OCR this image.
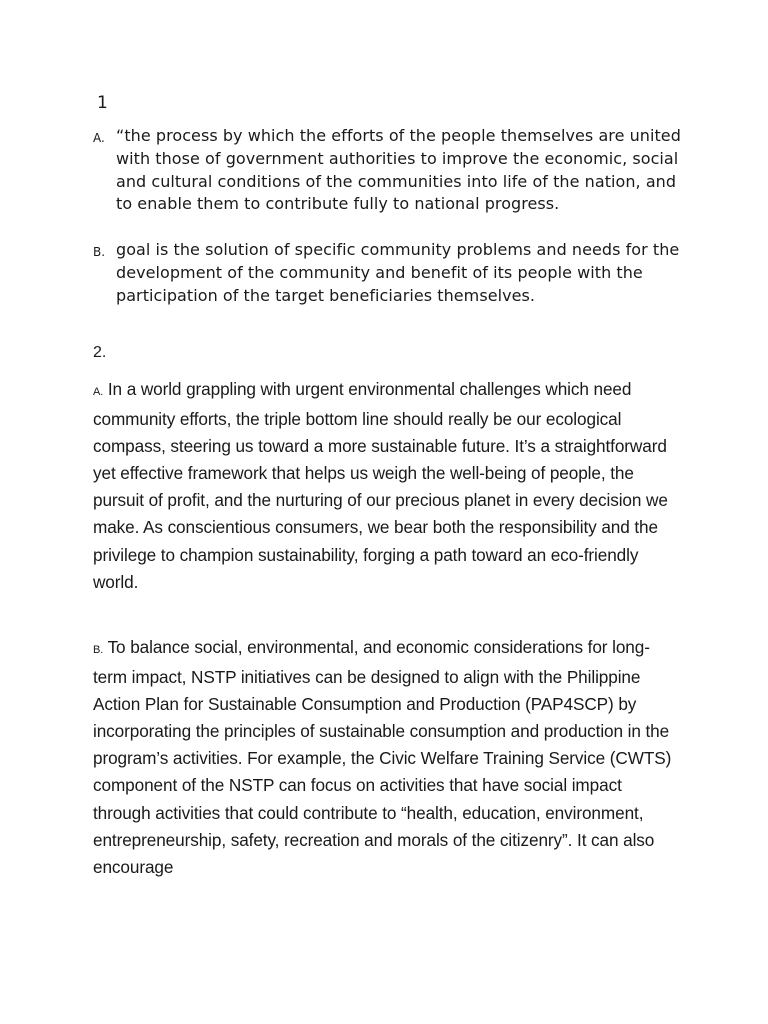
1
A. “the process by which the efforts of the people themselves are united with those of government authorities to improve the economic, social and cultural conditions of the communities into life of the nation, and to enable them to contribute fully to national progress.
B. goal is the solution of specific community problems and needs for the development of the community and benefit of its people with the participation of the target beneficiaries themselves.
2.
A. In a world grappling with urgent environmental challenges which need community efforts, the triple bottom line should really be our ecological compass, steering us toward a more sustainable future. It’s a straightforward yet effective framework that helps us weigh the well-being of people, the pursuit of profit, and the nurturing of our precious planet in every decision we make. As conscientious consumers, we bear both the responsibility and the privilege to champion sustainability, forging a path toward an eco-friendly world.
B. To balance social, environmental, and economic considerations for long-term impact, NSTP initiatives can be designed to align with the Philippine Action Plan for Sustainable Consumption and Production (PAP4SCP) by incorporating the principles of sustainable consumption and production in the program’s activities. For example, the Civic Welfare Training Service (CWTS) component of the NSTP can focus on activities that have social impact through activities that could contribute to “health, education, environment, entrepreneurship, safety, recreation and morals of the citizenry”. It can also encourage
